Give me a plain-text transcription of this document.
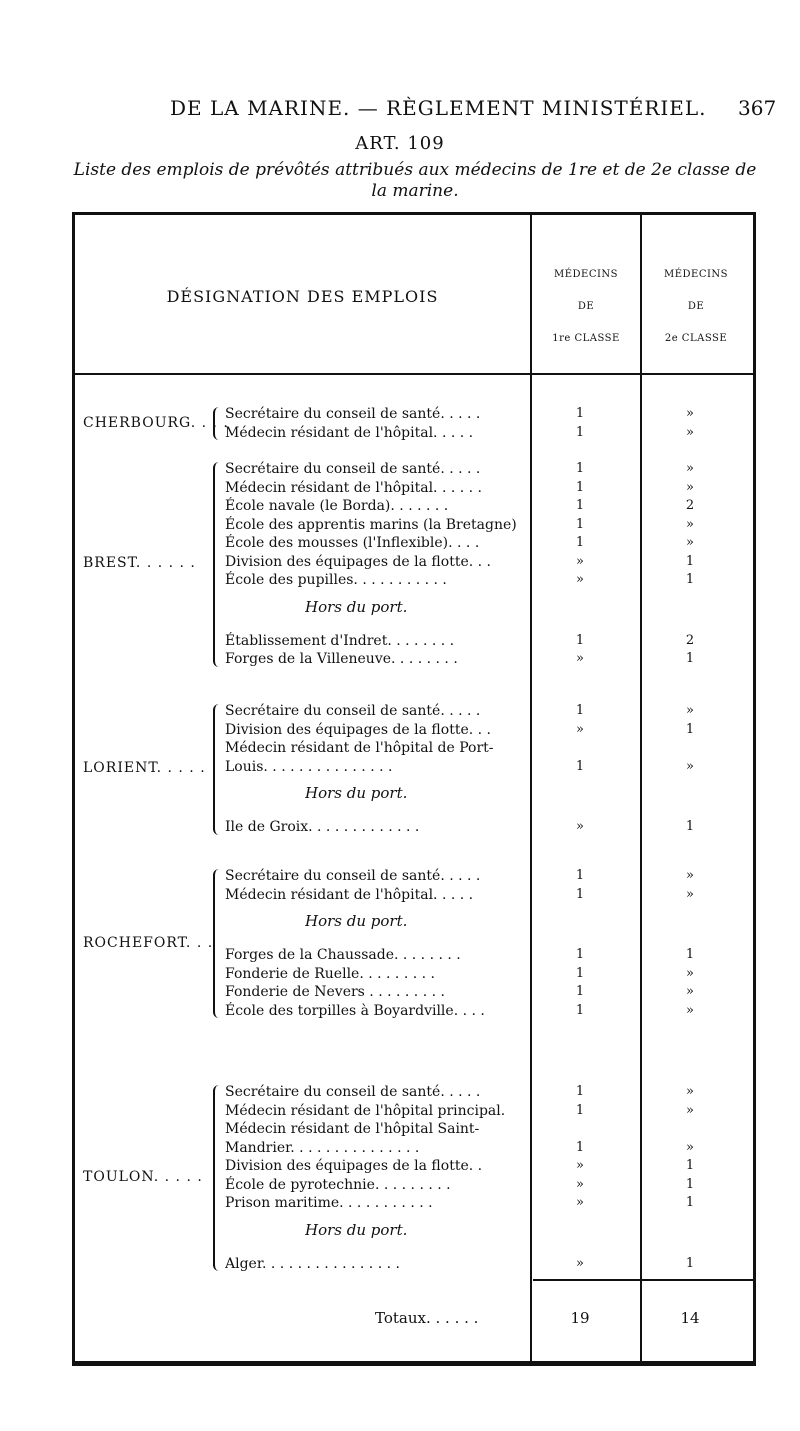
DE LA MARINE. — RÈGLEMENT MINISTÉRIEL. 367
ART. 109
Liste des emplois de prévôtés attribués aux médecins de 1re et de 2e classe de la marine.
DÉSIGNATION DES EMPLOIS
MÉDECINS
DE
1re CLASSE
MÉDECINS
DE
2e CLASSE
Secrétaire du conseil de santé. . . . .	1	»
Médecin résidant de l'hôpital. . . . .	1	»
CHERBOURG. . . .
Secrétaire du conseil de santé. . . . .	1	»
Médecin résidant de l'hôpital. . . . . .	1	»
École navale (le Borda). . . . . . .	1	2
École des apprentis marins (la Bretagne)	1	»
École des mousses (l'Inflexible). . . .	1	»
Division des équipages de la flotte. . .	»	1
École des pupilles. . . . . . . . . . .	»	1
Hors du port.
Établissement d'Indret. . . . . . . .	1	2
Forges de la Villeneuve. . . . . . . .	»	1
BREST. . . . . .
Secrétaire du conseil de santé. . . . .	1	»
Division des équipages de la flotte. . .	»	1
Médecin résidant de l'hôpital de Port-
Louis. . . . . . . . . . . . . . .	1	»
Hors du port.
Ile de Groix. . . . . . . . . . . . .	»	1
LORIENT. . . . .
Secrétaire du conseil de santé. . . . .	1	»
Médecin résidant de l'hôpital. . . . .	1	»
Hors du port.
Forges de la Chaussade. . . . . . . .	1	1
Fonderie de Ruelle. . . . . . . . .	1	»
Fonderie de Nevers . . . . . . . . .	1	»
École des torpilles à Boyardville. . . .	1	»
ROCHEFORT. . .
Secrétaire du conseil de santé. . . . .	1	»
Médecin résidant de l'hôpital principal.	1	»
Médecin résidant de l'hôpital Saint-
Mandrier. . . . . . . . . . . . . . .	1	»
Division des équipages de la flotte. .	»	1
École de pyrotechnie. . . . . . . . .	»	1
Prison maritime. . . . . . . . . . .	»	1
Hors du port.
Alger. . . . . . . . . . . . . . . .	»	1
TOULON. . . . .
Totaux. . . . . .	19	14
